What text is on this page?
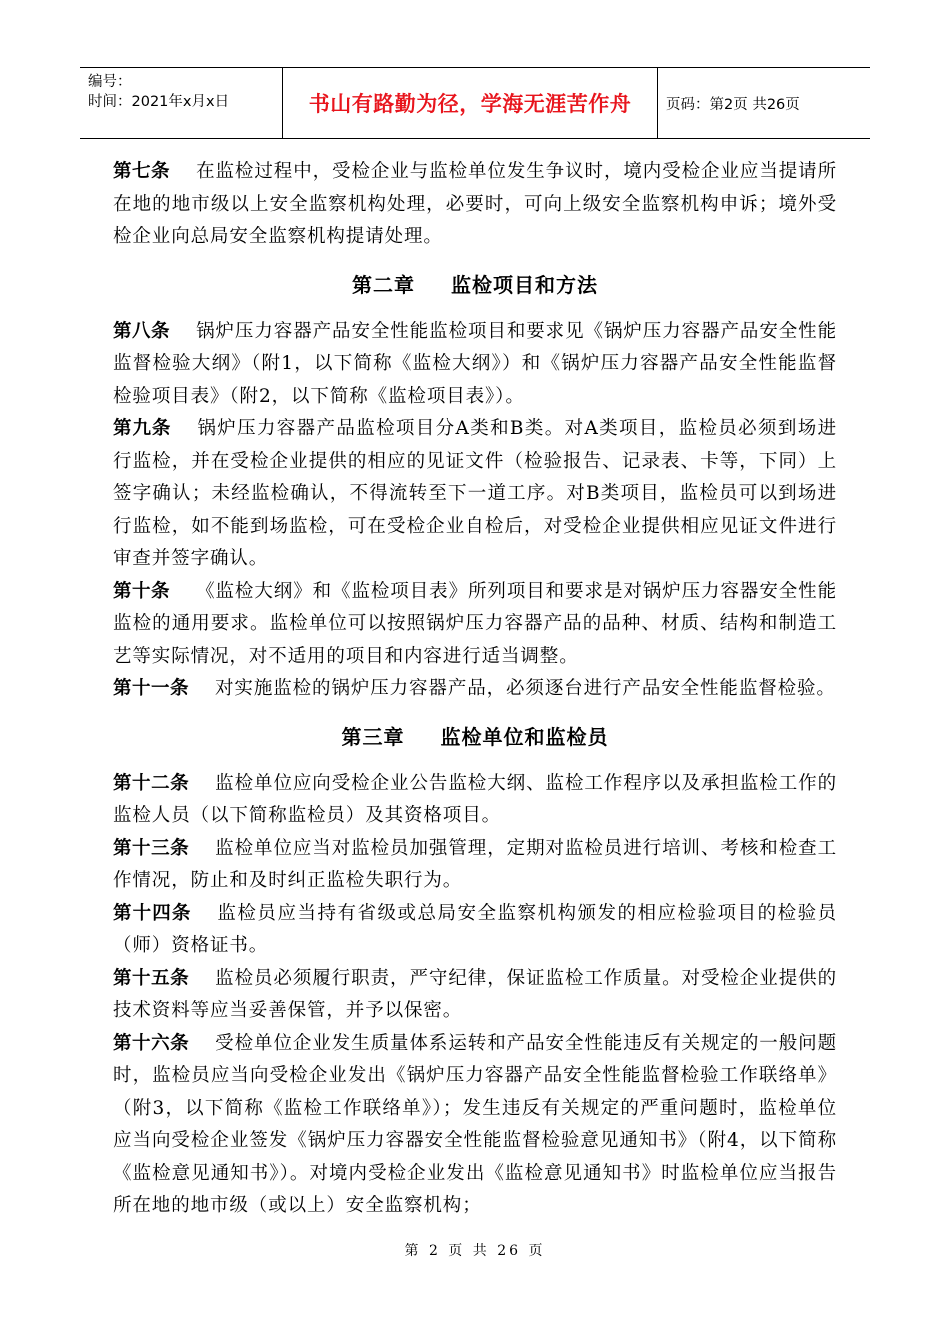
编号：
时间：2021年x月x日	书山有路勤为径，学海无涯苦作舟	页码：第2页 共26页

第七条 在监检过程中，受检企业与监检单位发生争议时，境内受检企业应当提请所在地的地市级以上安全监察机构处理，必要时，可向上级安全监察机构申诉；境外受检企业向总局安全监察机构提请处理。

第二章 监检项目和方法

第八条 锅炉压力容器产品安全性能监检项目和要求见《锅炉压力容器产品安全性能监督检验大纲》（附1，以下简称《监检大纲》）和《锅炉压力容器产品安全性能监督检验项目表》（附2，以下简称《监检项目表》）。

第九条 锅炉压力容器产品监检项目分A类和B类。对A类项目，监检员必须到场进行监检，并在受检企业提供的相应的见证文件（检验报告、记录表、卡等，下同）上签字确认；未经监检确认，不得流转至下一道工序。对B类项目，监检员可以到场进行监检，如不能到场监检，可在受检企业自检后，对受检企业提供相应见证文件进行审查并签字确认。

第十条 《监检大纲》和《监检项目表》所列项目和要求是对锅炉压力容器安全性能监检的通用要求。监检单位可以按照锅炉压力容器产品的品种、材质、结构和制造工艺等实际情况，对不适用的项目和内容进行适当调整。

第十一条 对实施监检的锅炉压力容器产品，必须逐台进行产品安全性能监督检验。

第三章 监检单位和监检员

第十二条 监检单位应向受检企业公告监检大纲、监检工作程序以及承担监检工作的监检人员（以下简称监检员）及其资格项目。

第十三条 监检单位应当对监检员加强管理，定期对监检员进行培训、考核和检查工作情况，防止和及时纠正监检失职行为。

第十四条 监检员应当持有省级或总局安全监察机构颁发的相应检验项目的检验员（师）资格证书。

第十五条 监检员必须履行职责，严守纪律，保证监检工作质量。对受检企业提供的技术资料等应当妥善保管，并予以保密。

第十六条 受检单位企业发生质量体系运转和产品安全性能违反有关规定的一般问题时，监检员应当向受检企业发出《锅炉压力容器产品安全性能监督检验工作联络单》（附3，以下简称《监检工作联络单》）；发生违反有关规定的严重问题时，监检单位应当向受检企业签发《锅炉压力容器安全性能监督检验意见通知书》（附4，以下简称《监检意见通知书》）。对境内受检企业发出《监检意见通知书》时监检单位应当报告所在地的地市级（或以上）安全监察机构；

第 2 页 共 26 页
